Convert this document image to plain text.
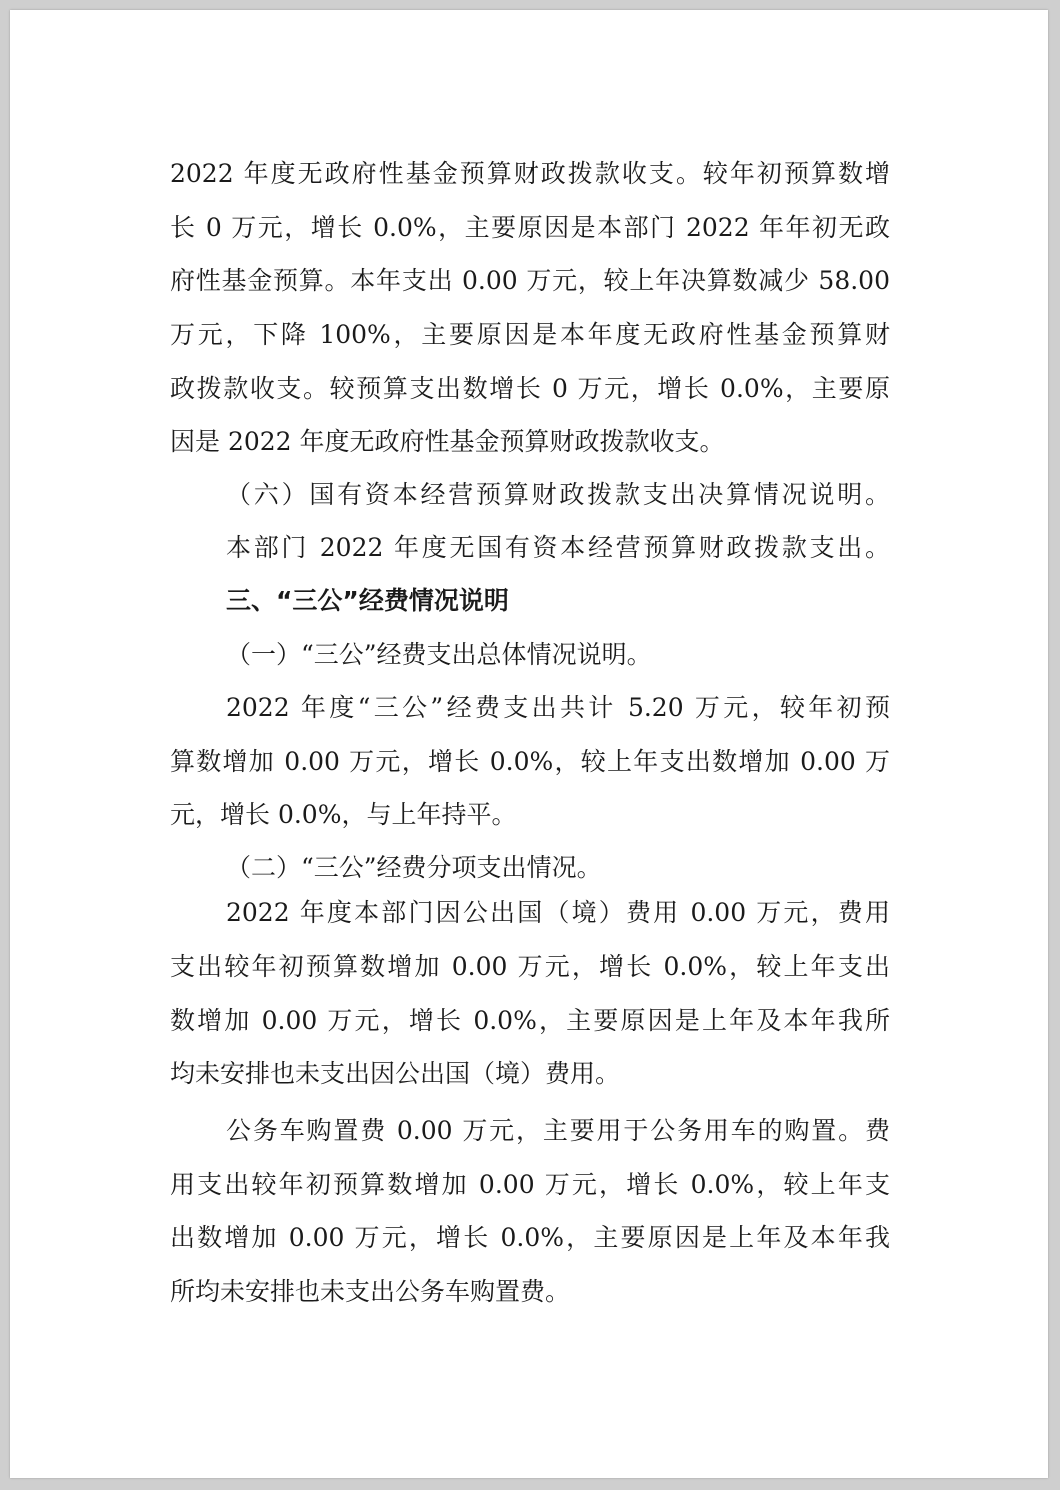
2022 年度无政府性基金预算财政拨款收支。较年初预算数增

长 0 万元，增长 0.0%，主要原因是本部门 2022 年年初无政

府性基金预算。本年支出 0.00 万元，较上年决算数减少 58.00

万元，下降 100%，主要原因是本年度无政府性基金预算财

政拨款收支。较预算支出数增长 0 万元，增长 0.0%，主要原

因是 2022 年度无政府性基金预算财政拨款收支。

（六）国有资本经营预算财政拨款支出决算情况说明。

本部门 2022 年度无国有资本经营预算财政拨款支出。

三、“三公”经费情况说明

（一）“三公”经费支出总体情况说明。

2022 年度“三公”经费支出共计 5.20 万元，较年初预

算数增加 0.00 万元，增长 0.0%，较上年支出数增加 0.00 万

元，增长 0.0%，与上年持平。

（二）“三公”经费分项支出情况。

2022 年度本部门因公出国（境）费用 0.00 万元，费用

支出较年初预算数增加 0.00 万元，增长 0.0%，较上年支出

数增加 0.00 万元，增长 0.0%，主要原因是上年及本年我所

均未安排也未支出因公出国（境）费用。

公务车购置费 0.00 万元，主要用于公务用车的购置。费

用支出较年初预算数增加 0.00 万元，增长 0.0%，较上年支

出数增加 0.00 万元，增长 0.0%，主要原因是上年及本年我

所均未安排也未支出公务车购置费。
